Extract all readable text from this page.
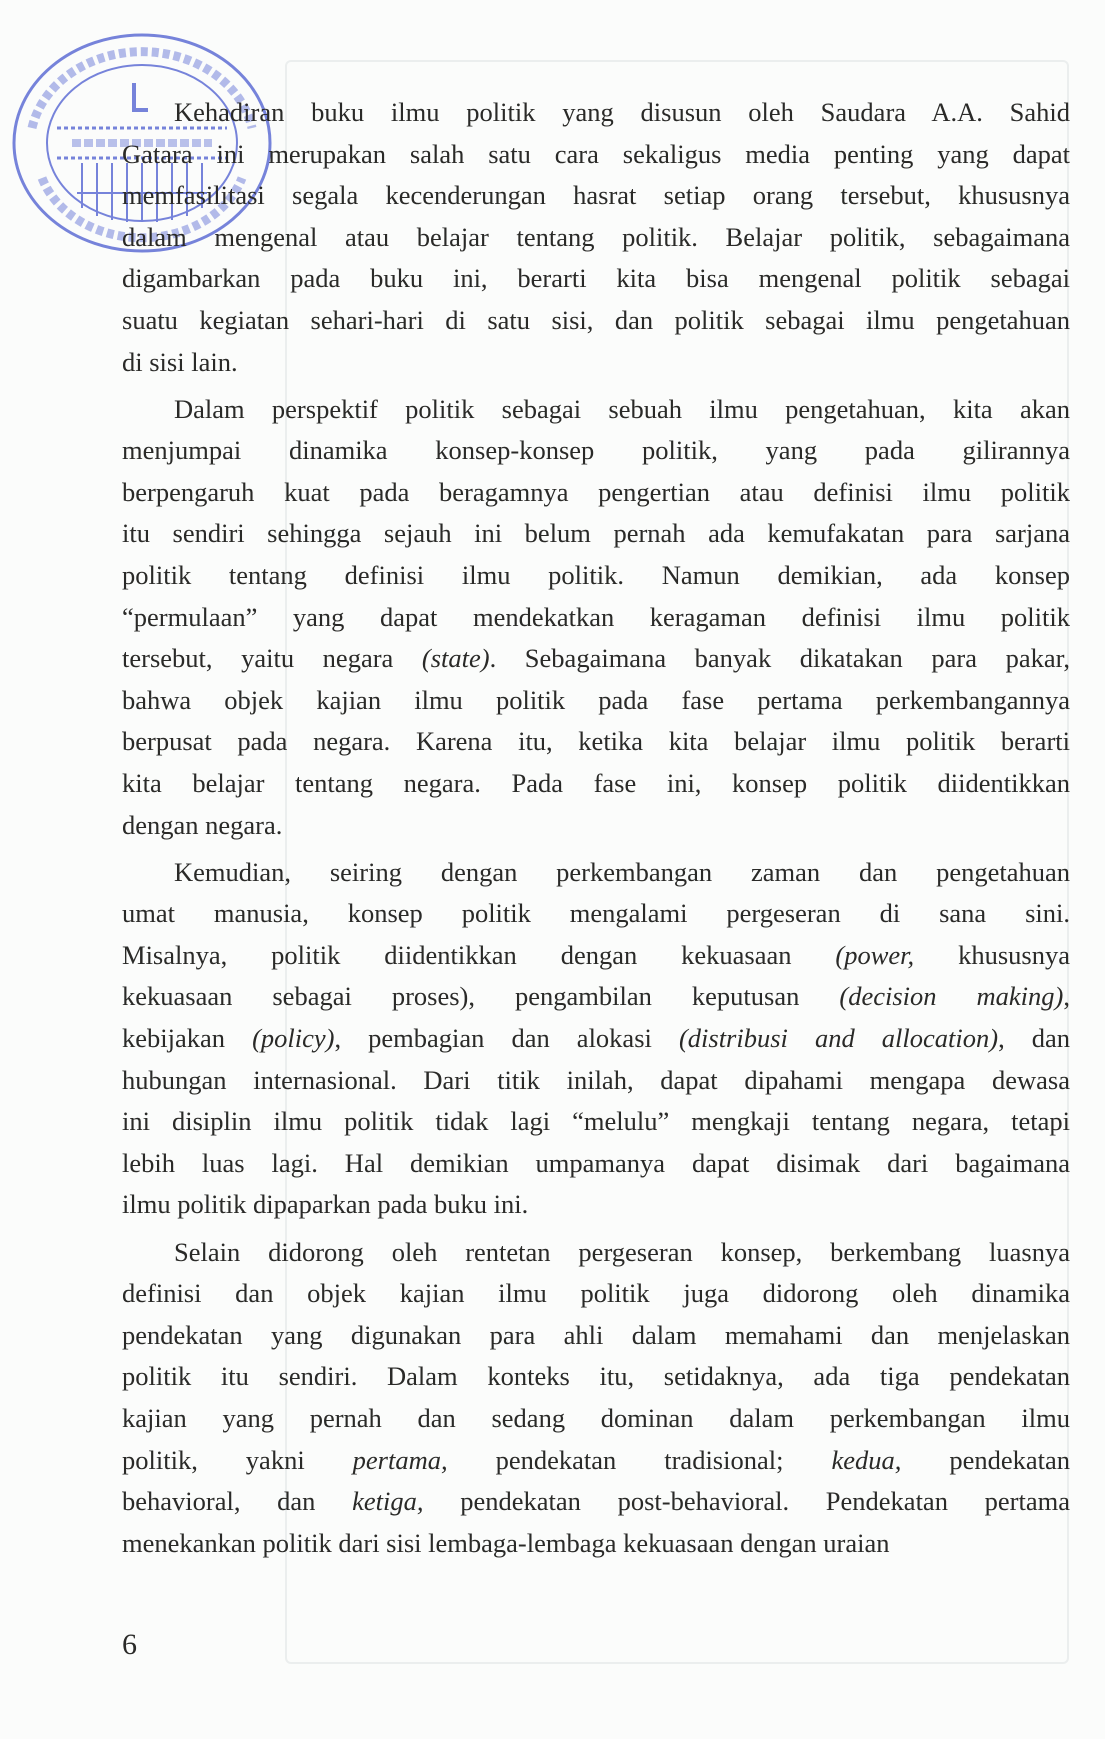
Kehadiran buku ilmu politik yang disusun oleh Saudara A.A. Sahid
Gatara ini merupakan salah satu cara sekaligus media penting yang dapat
memfasilitasi segala kecenderungan hasrat setiap orang tersebut, khususnya
dalam mengenal atau belajar tentang politik. Belajar politik, sebagaimana
digambarkan pada buku ini, berarti kita bisa mengenal politik sebagai
suatu kegiatan sehari-hari di satu sisi, dan politik sebagai ilmu pengetahuan
di sisi lain.
Dalam perspektif politik sebagai sebuah ilmu pengetahuan, kita akan
menjumpai dinamika konsep-konsep politik, yang pada gilirannya
berpengaruh kuat pada beragamnya pengertian atau definisi ilmu politik
itu sendiri sehingga sejauh ini belum pernah ada kemufakatan para sarjana
politik tentang definisi ilmu politik. Namun demikian, ada konsep
“permulaan” yang dapat mendekatkan keragaman definisi ilmu politik
tersebut, yaitu negara (state). Sebagaimana banyak dikatakan para pakar,
bahwa objek kajian ilmu politik pada fase pertama perkembangannya
berpusat pada negara. Karena itu, ketika kita belajar ilmu politik berarti
kita belajar tentang negara. Pada fase ini, konsep politik diidentikkan
dengan negara.
Kemudian, seiring dengan perkembangan zaman dan pengetahuan
umat manusia, konsep politik mengalami pergeseran di sana sini.
Misalnya, politik diidentikkan dengan kekuasaan (power, khususnya
kekuasaan sebagai proses), pengambilan keputusan (decision making),
kebijakan (policy), pembagian dan alokasi (distribusi and allocation), dan
hubungan internasional. Dari titik inilah, dapat dipahami mengapa dewasa
ini disiplin ilmu politik tidak lagi “melulu” mengkaji tentang negara, tetapi
lebih luas lagi. Hal demikian umpamanya dapat disimak dari bagaimana
ilmu politik dipaparkan pada buku ini.
Selain didorong oleh rentetan pergeseran konsep, berkembang luasnya
definisi dan objek kajian ilmu politik juga didorong oleh dinamika
pendekatan yang digunakan para ahli dalam memahami dan menjelaskan
politik itu sendiri. Dalam konteks itu, setidaknya, ada tiga pendekatan
kajian yang pernah dan sedang dominan dalam perkembangan ilmu
politik, yakni pertama, pendekatan tradisional; kedua, pendekatan
behavioral, dan ketiga, pendekatan post-behavioral. Pendekatan pertama
menekankan politik dari sisi lembaga-lembaga kekuasaan dengan uraian
6
